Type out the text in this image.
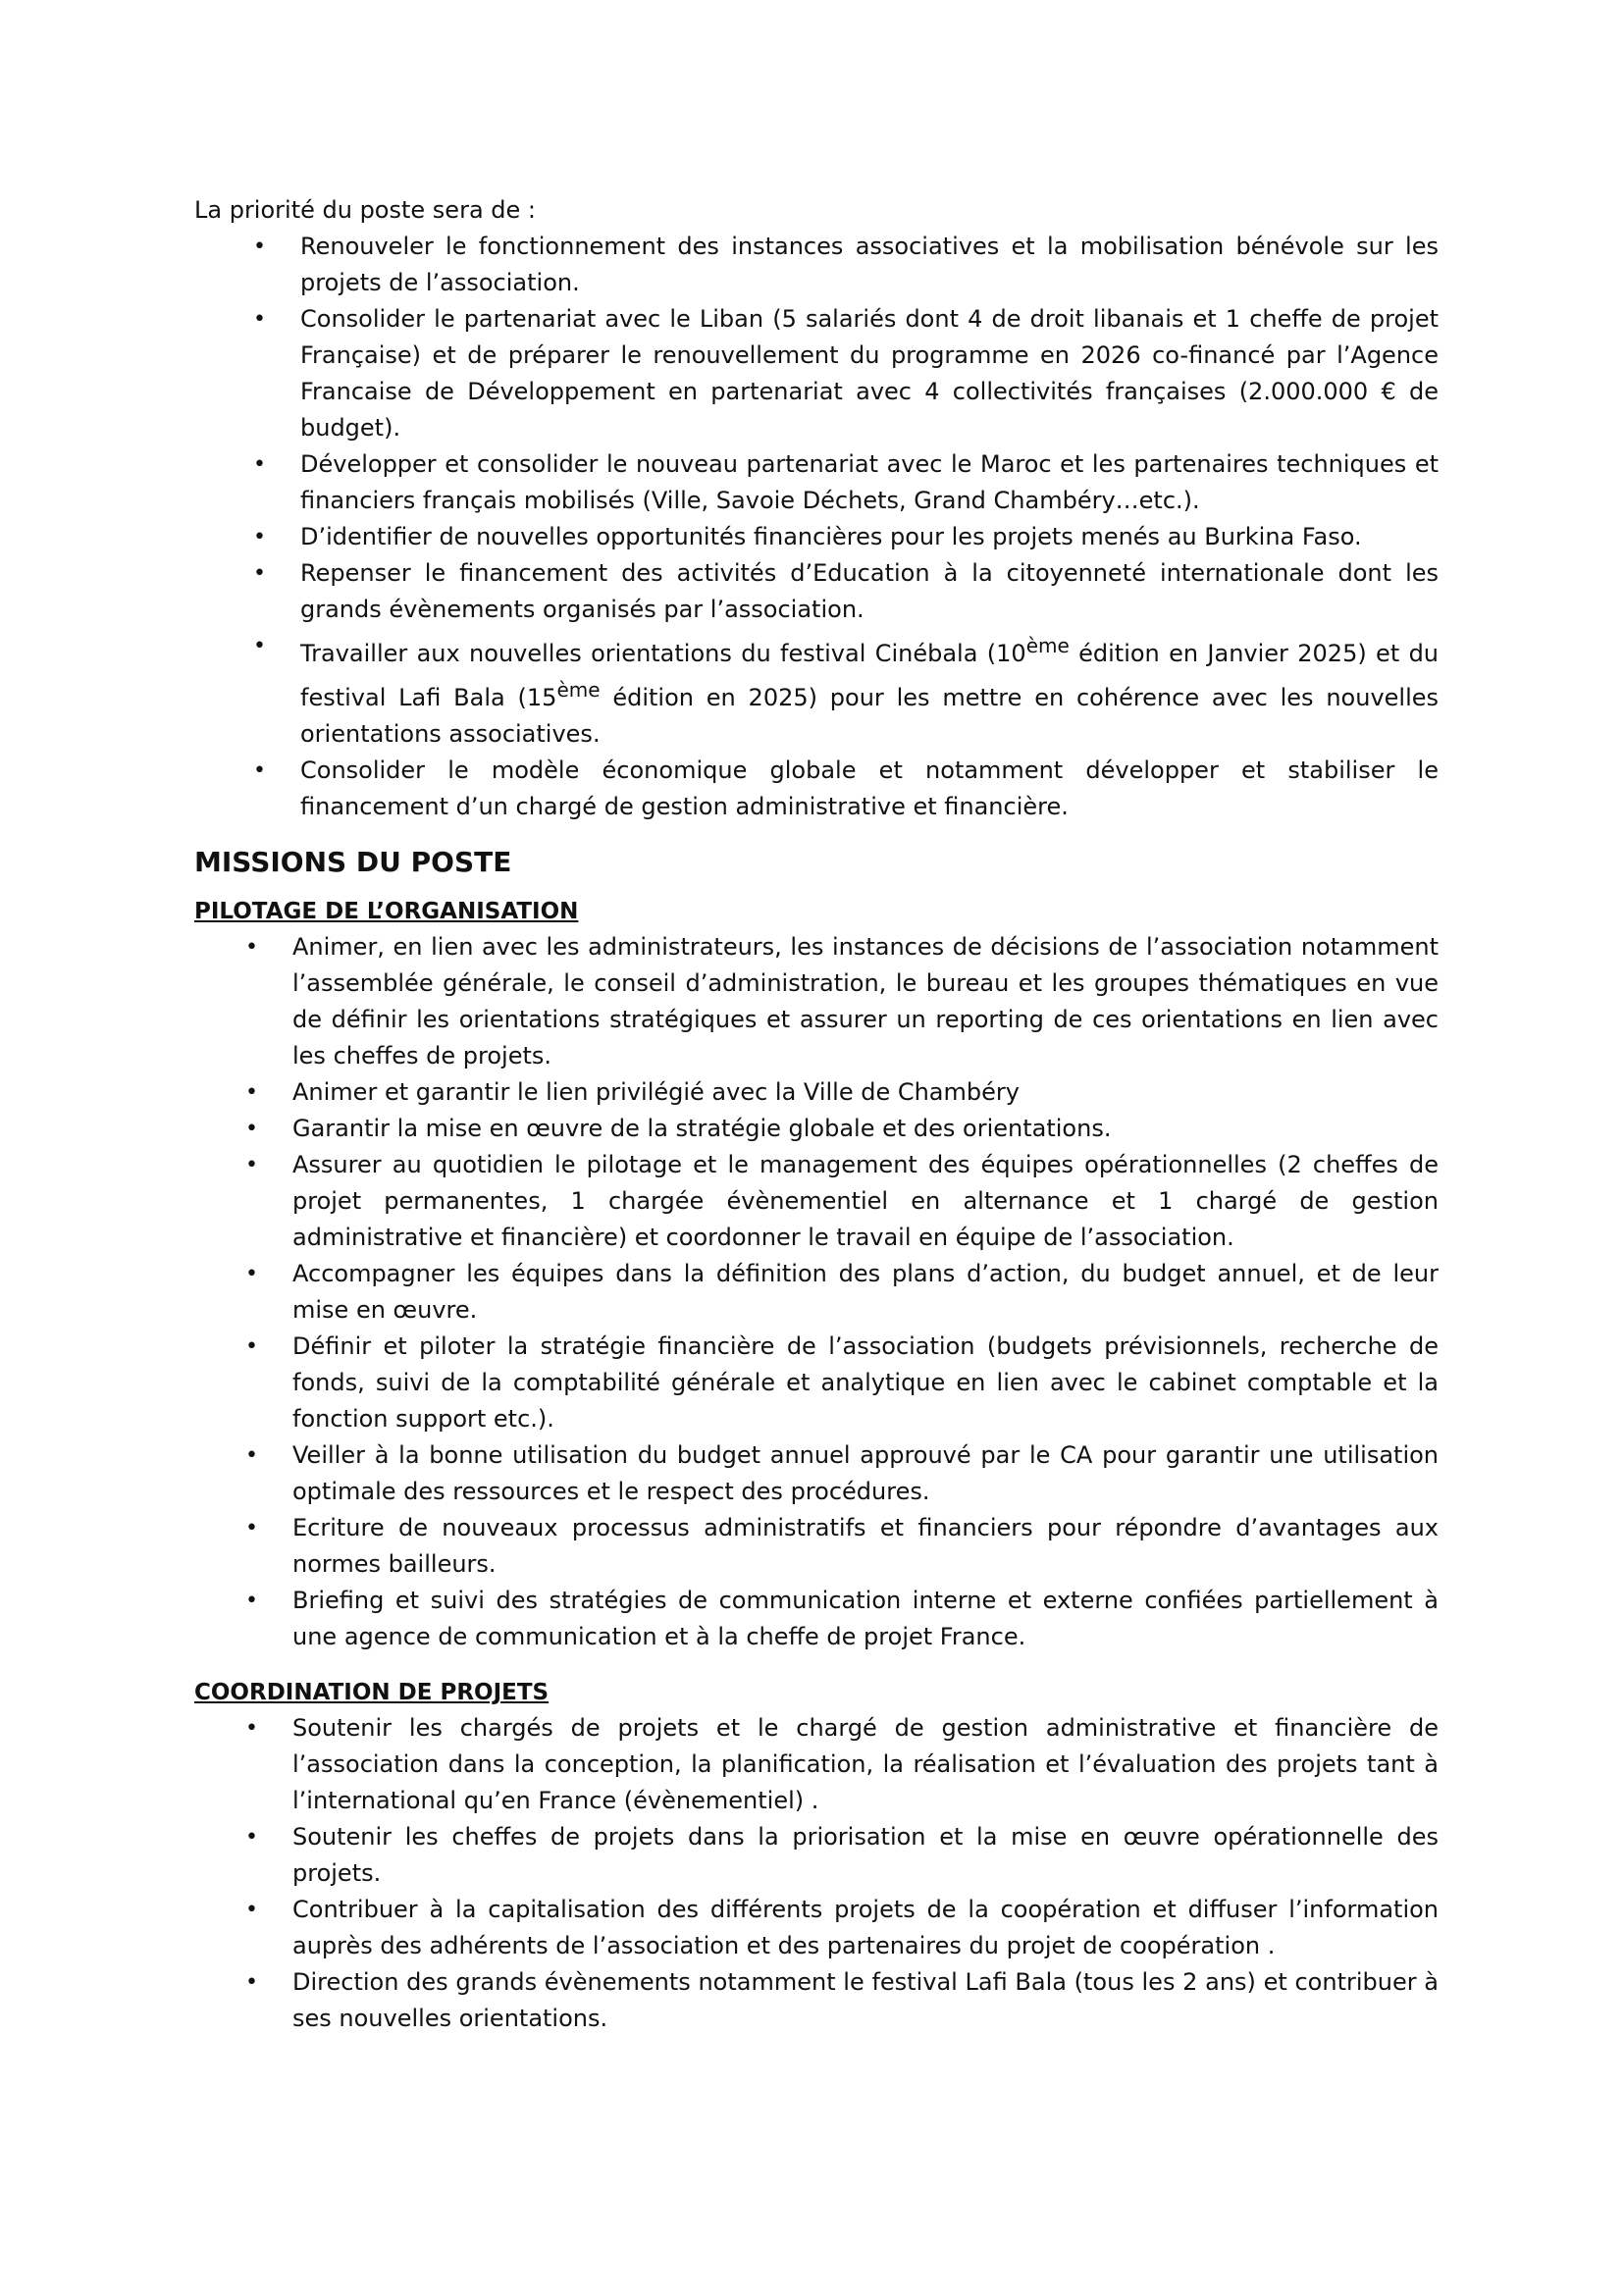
La priorité du poste sera de :

• Renouveler le fonctionnement des instances associatives et la mobilisation bénévole sur les projets de l’association.
• Consolider le partenariat avec le Liban (5 salariés dont 4 de droit libanais et 1 cheffe de projet Française) et de préparer le renouvellement du programme en 2026 co-financé par l’Agence Francaise de Développement en partenariat avec 4 collectivités françaises (2.000.000 € de budget).
• Développer et consolider le nouveau partenariat avec le Maroc et les partenaires techniques et financiers français mobilisés (Ville, Savoie Déchets, Grand Chambéry…etc.).
• D’identifier de nouvelles opportunités financières pour les projets menés au Burkina Faso.
• Repenser le financement des activités d’Education à la citoyenneté internationale dont les grands évènements organisés par l’association.
• Travailler aux nouvelles orientations du festival Cinébala (10ème édition en Janvier 2025) et du festival Lafi Bala (15ème édition en 2025) pour les mettre en cohérence avec les nouvelles orientations associatives.
• Consolider le modèle économique globale et notamment développer et stabiliser le financement d’un chargé de gestion administrative et financière.
MISSIONS DU POSTE
PILOTAGE DE L’ORGANISATION
• Animer, en lien avec les administrateurs, les instances de décisions de l’association notamment l’assemblée générale, le conseil d’administration, le bureau et les groupes thématiques en vue de définir les orientations stratégiques et assurer un reporting de ces orientations en lien avec les cheffes de projets.
• Animer et garantir le lien privilégié avec la Ville de Chambéry
• Garantir la mise en œuvre de la stratégie globale et des orientations.
• Assurer au quotidien le pilotage et le management des équipes opérationnelles (2 cheffes de projet permanentes, 1 chargée évènementiel en alternance et 1 chargé de gestion administrative et financière) et coordonner le travail en équipe de l’association.
• Accompagner les équipes dans la définition des plans d’action, du budget annuel, et de leur mise en œuvre.
• Définir et piloter la stratégie financière de l’association (budgets prévisionnels, recherche de fonds, suivi de la comptabilité générale et analytique en lien avec le cabinet comptable et la fonction support etc.).
• Veiller à la bonne utilisation du budget annuel approuvé par le CA pour garantir une utilisation optimale des ressources et le respect des procédures.
• Ecriture de nouveaux processus administratifs et financiers pour répondre d’avantages aux normes bailleurs.
• Briefing et suivi des stratégies de communication interne et externe confiées partiellement à une agence de communication et à la cheffe de projet France.
COORDINATION DE PROJETS
• Soutenir les chargés de projets et le chargé de gestion administrative et financière de l’association dans la conception, la planification, la réalisation et l’évaluation des projets tant à l’international qu’en France (évènementiel) .
• Soutenir les cheffes de projets dans la priorisation et la mise en œuvre opérationnelle des projets.
• Contribuer à la capitalisation des différents projets de la coopération et diffuser l’information auprès des adhérents de l’association et des partenaires du projet de coopération .
• Direction des grands évènements notamment le festival Lafi Bala (tous les 2 ans) et contribuer à ses nouvelles orientations.
